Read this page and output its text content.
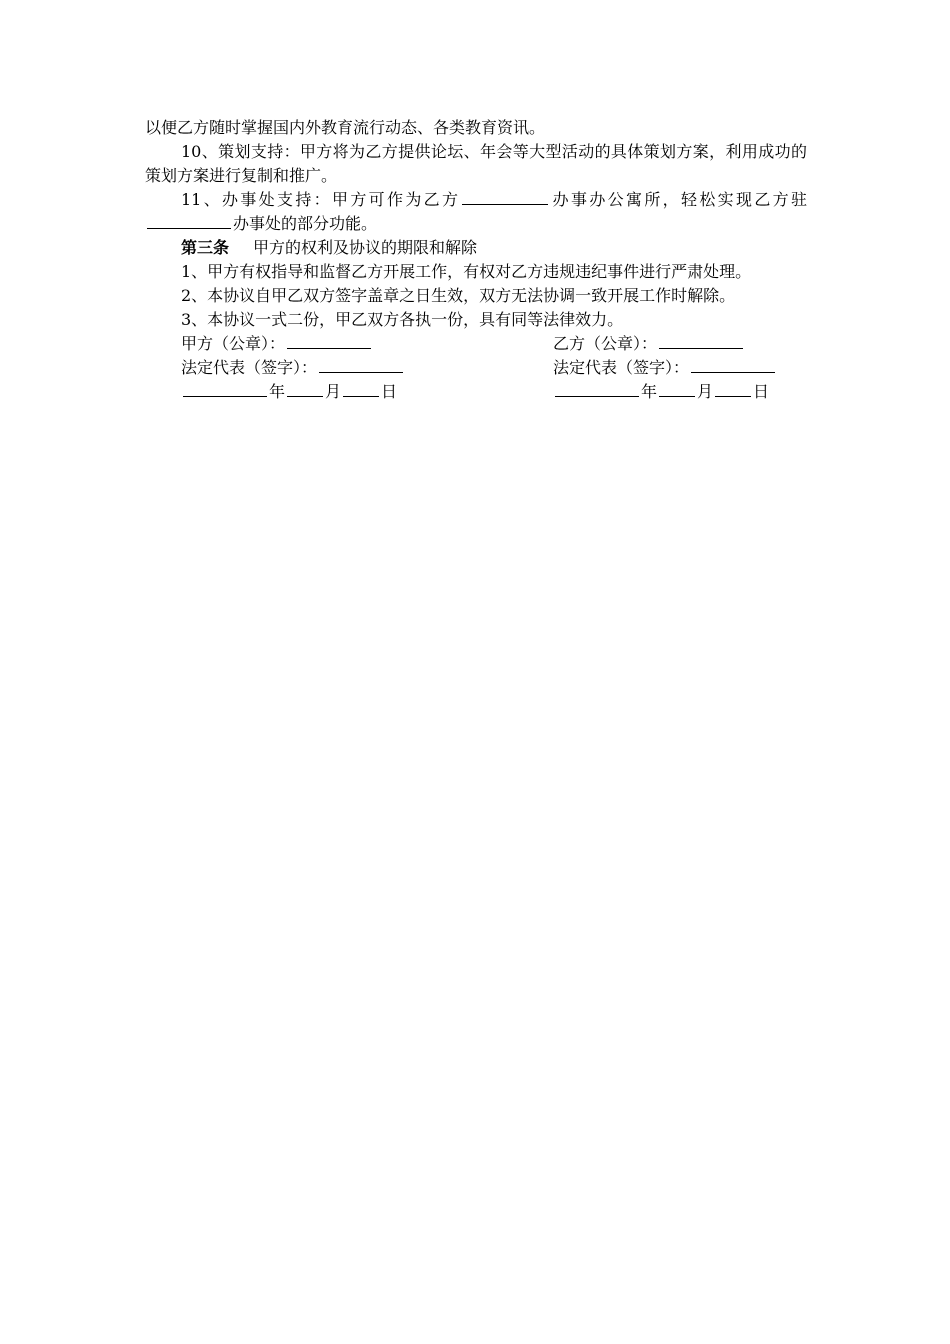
以便乙方随时掌握国内外教育流行动态、各类教育资讯。

10、策划支持：甲方将为乙方提供论坛、年会等大型活动的具体策划方案，利用成功的策划方案进行复制和推广。

11、办事处支持：甲方可作为乙方	办事办公寓所，轻松实现乙方驻办事处的部分功能。

第三条 甲方的权利及协议的期限和解除

1、甲方有权指导和监督乙方开展工作，有权对乙方违规违纪事件进行严肃处理。

2、本协议自甲乙双方签字盖章之日生效，双方无法协调一致开展工作时解除。

3、本协议一式二份，甲乙双方各执一份，具有同等法律效力。

甲方（公章）：	乙方（公章）：
法定代表（签字）：	法定代表（签字）：
年	月	日	年	月	日
